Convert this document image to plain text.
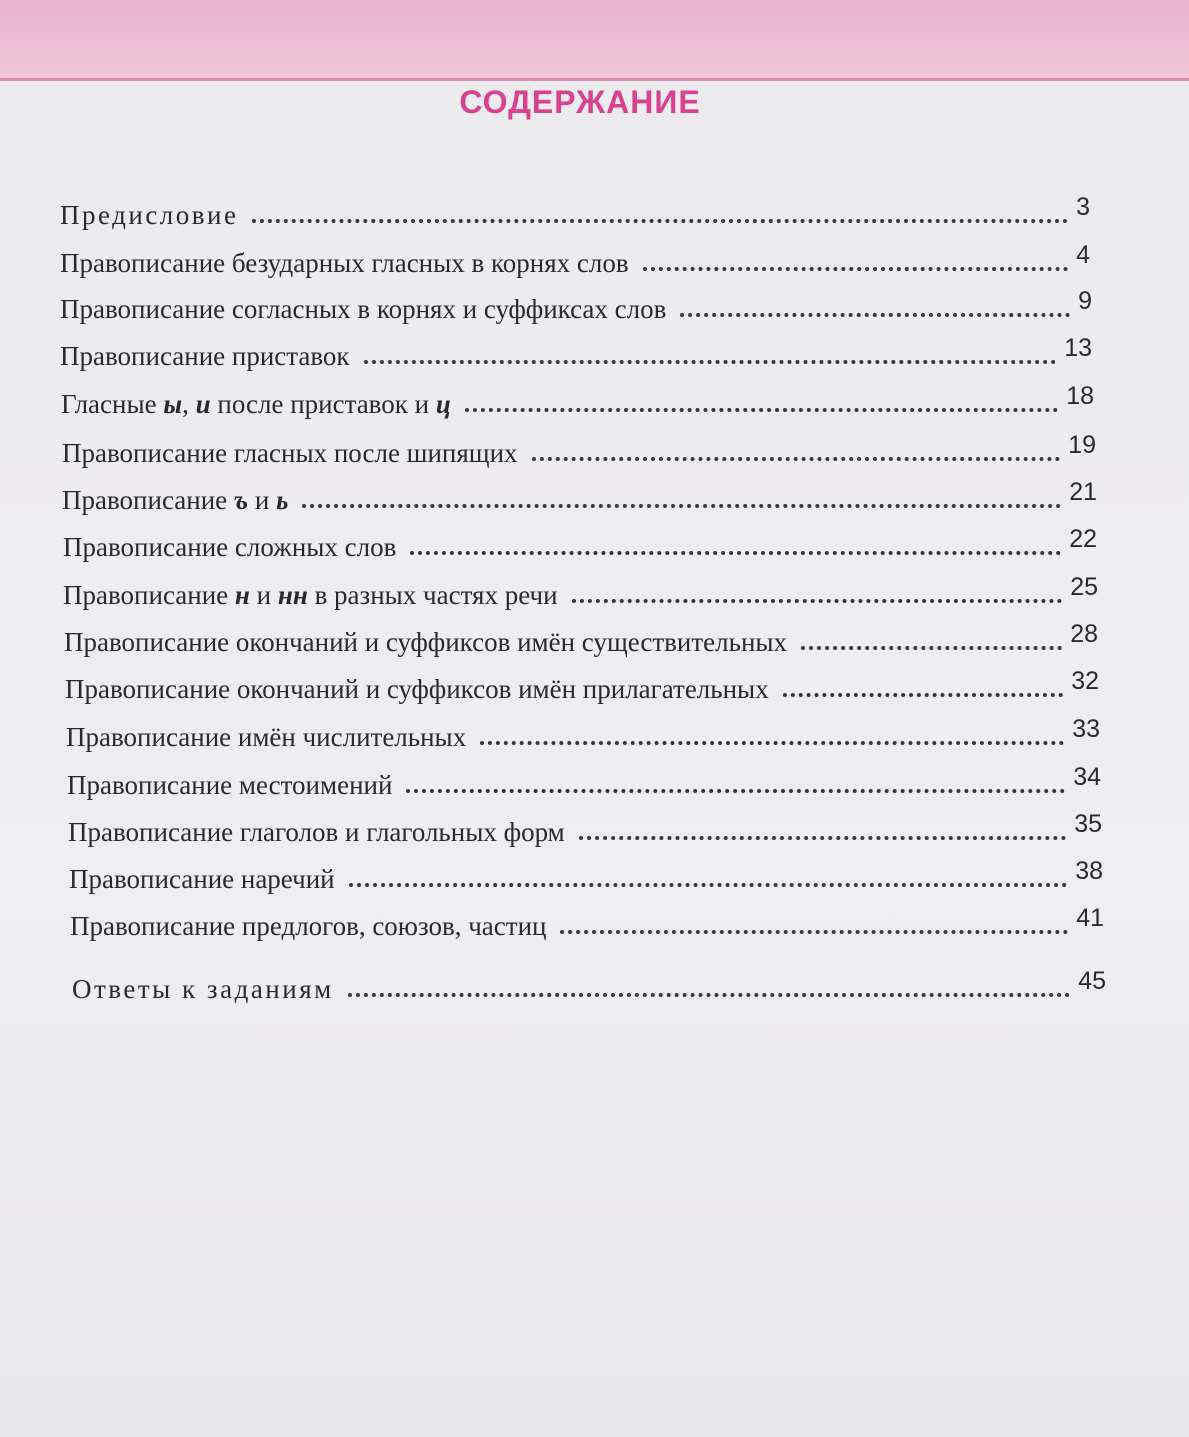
СОДЕРЖАНИЕ
Предисловие	3
Правописание безударных гласных в корнях слов	4
Правописание согласных в корнях и суффиксах слов	9
Правописание приставок	13
Гласные ы, и после приставок и ц	18
Правописание гласных после шипящих	19
Правописание ъ и ь	21
Правописание сложных слов	22
Правописание н и нн в разных частях речи	25
Правописание окончаний и суффиксов имён существительных	28
Правописание окончаний и суффиксов имён прилагательных	32
Правописание имён числительных	33
Правописание местоимений	34
Правописание глаголов и глагольных форм	35
Правописание наречий	38
Правописание предлогов, союзов, частиц	41
Ответы к заданиям	45
